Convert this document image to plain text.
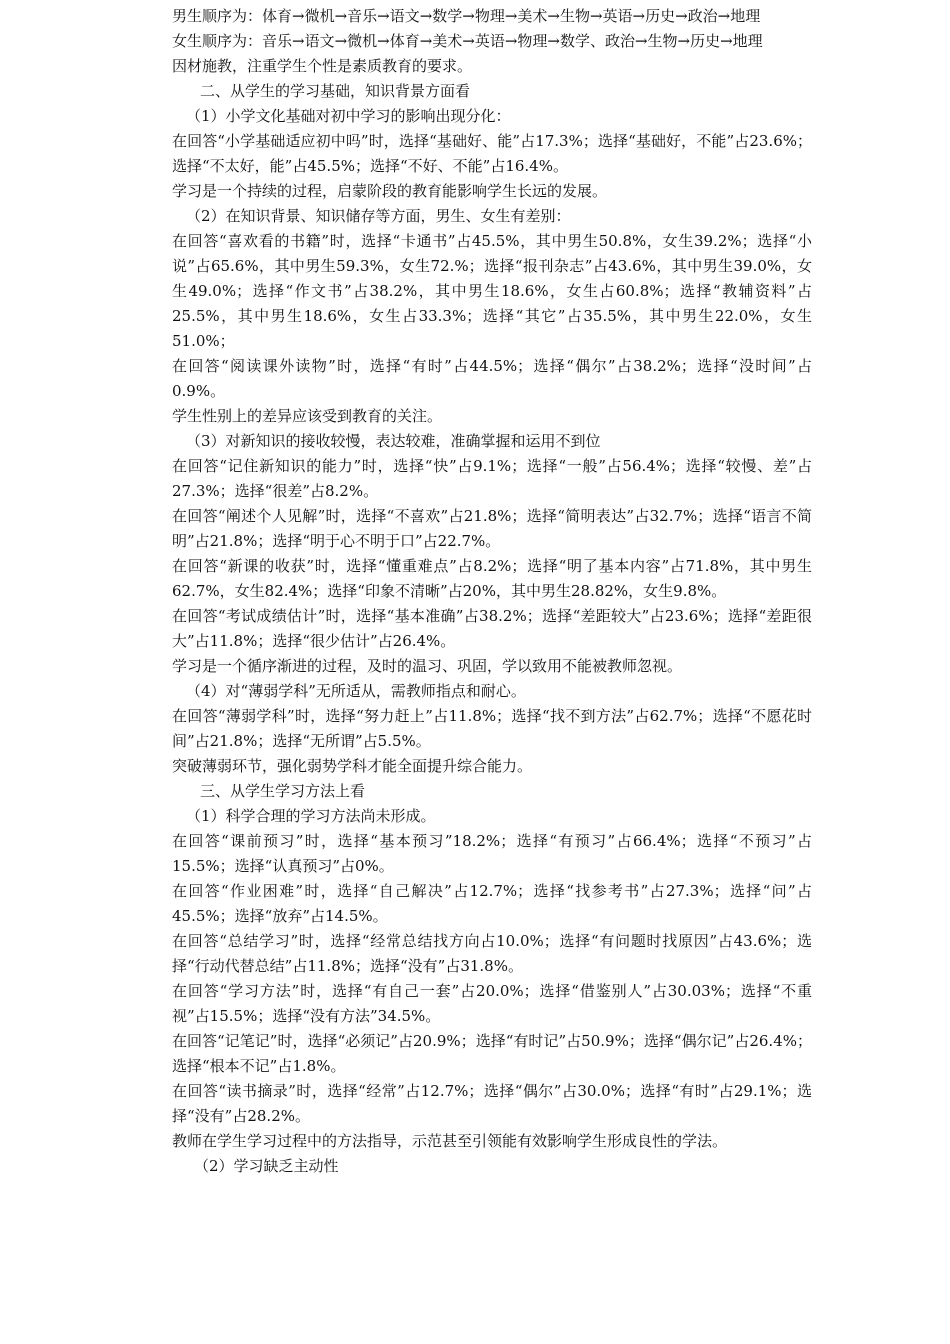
男生顺序为：体育→微机→音乐→语文→数学→物理→美术→生物→英语→历史→政治→地理

女生顺序为：音乐→语文→微机→体育→美术→英语→物理→数学、政治→生物→历史→地理

因材施教，注重学生个性是素质教育的要求。

二、从学生的学习基础，知识背景方面看

（1）小学文化基础对初中学习的影响出现分化：

在回答“小学基础适应初中吗”时，选择“基础好、能”占17.3%；选择“基础好，不能”占23.6%；选择“不太好，能”占45.5%；选择“不好、不能”占16.4%。

学习是一个持续的过程，启蒙阶段的教育能影响学生长远的发展。

（2）在知识背景、知识储存等方面，男生、女生有差别：

在回答“喜欢看的书籍”时，选择“卡通书”占45.5%，其中男生50.8%，女生39.2%；选择“小说”占65.6%，其中男生59.3%，女生72.%；选择“报刊杂志”占43.6%，其中男生39.0%，女生49.0%；选择“作文书”占38.2%，其中男生18.6%，女生占60.8%；选择“教辅资料”占25.5%，其中男生18.6%，女生占33.3%；选择“其它”占35.5%，其中男生22.0%，女生51.0%；

在回答“阅读课外读物”时，选择“有时”占44.5%；选择“偶尔”占38.2%；选择“没时间”占0.9%。

学生性别上的差异应该受到教育的关注。

（3）对新知识的接收较慢，表达较难，准确掌握和运用不到位

在回答“记住新知识的能力”时，选择“快”占9.1%；选择“一般”占56.4%；选择“较慢、差”占27.3%；选择“很差”占8.2%。

在回答“阐述个人见解”时，选择“不喜欢”占21.8%；选择“简明表达”占32.7%；选择“语言不简明”占21.8%；选择“明于心不明于口”占22.7%。

在回答“新课的收获”时，选择“懂重难点”占8.2%；选择“明了基本内容”占71.8%，其中男生62.7%，女生82.4%；选择“印象不清晰”占20%，其中男生28.82%，女生9.8%。

在回答“考试成绩估计”时，选择“基本准确”占38.2%；选择“差距较大”占23.6%；选择“差距很大”占11.8%；选择“很少估计”占26.4%。

学习是一个循序渐进的过程，及时的温习、巩固，学以致用不能被教师忽视。

（4）对“薄弱学科”无所适从，需教师指点和耐心。

在回答“薄弱学科”时，选择“努力赶上”占11.8%；选择“找不到方法”占62.7%；选择“不愿花时间”占21.8%；选择“无所谓”占5.5%。

突破薄弱环节，强化弱势学科才能全面提升综合能力。

三、从学生学习方法上看

（1）科学合理的学习方法尚未形成。

在回答“课前预习”时，选择“基本预习”18.2%；选择“有预习”占66.4%；选择“不预习”占15.5%；选择“认真预习”占0%。

在回答“作业困难”时，选择“自己解决”占12.7%；选择“找参考书”占27.3%；选择“问”占45.5%；选择“放弃”占14.5%。

在回答“总结学习”时，选择“经常总结找方向占10.0%；选择“有问题时找原因”占43.6%；选择“行动代替总结”占11.8%；选择“没有”占31.8%。

在回答“学习方法”时，选择“有自己一套”占20.0%；选择“借鉴别人”占30.03%；选择“不重视”占15.5%；选择“没有方法”34.5%。

在回答“记笔记”时，选择“必须记”占20.9%；选择“有时记”占50.9%；选择“偶尔记”占26.4%；选择“根本不记”占1.8%。

在回答“读书摘录”时，选择“经常”占12.7%；选择“偶尔”占30.0%；选择“有时”占29.1%；选择“没有”占28.2%。

教师在学生学习过程中的方法指导，示范甚至引领能有效影响学生形成良性的学法。

（2）学习缺乏主动性
